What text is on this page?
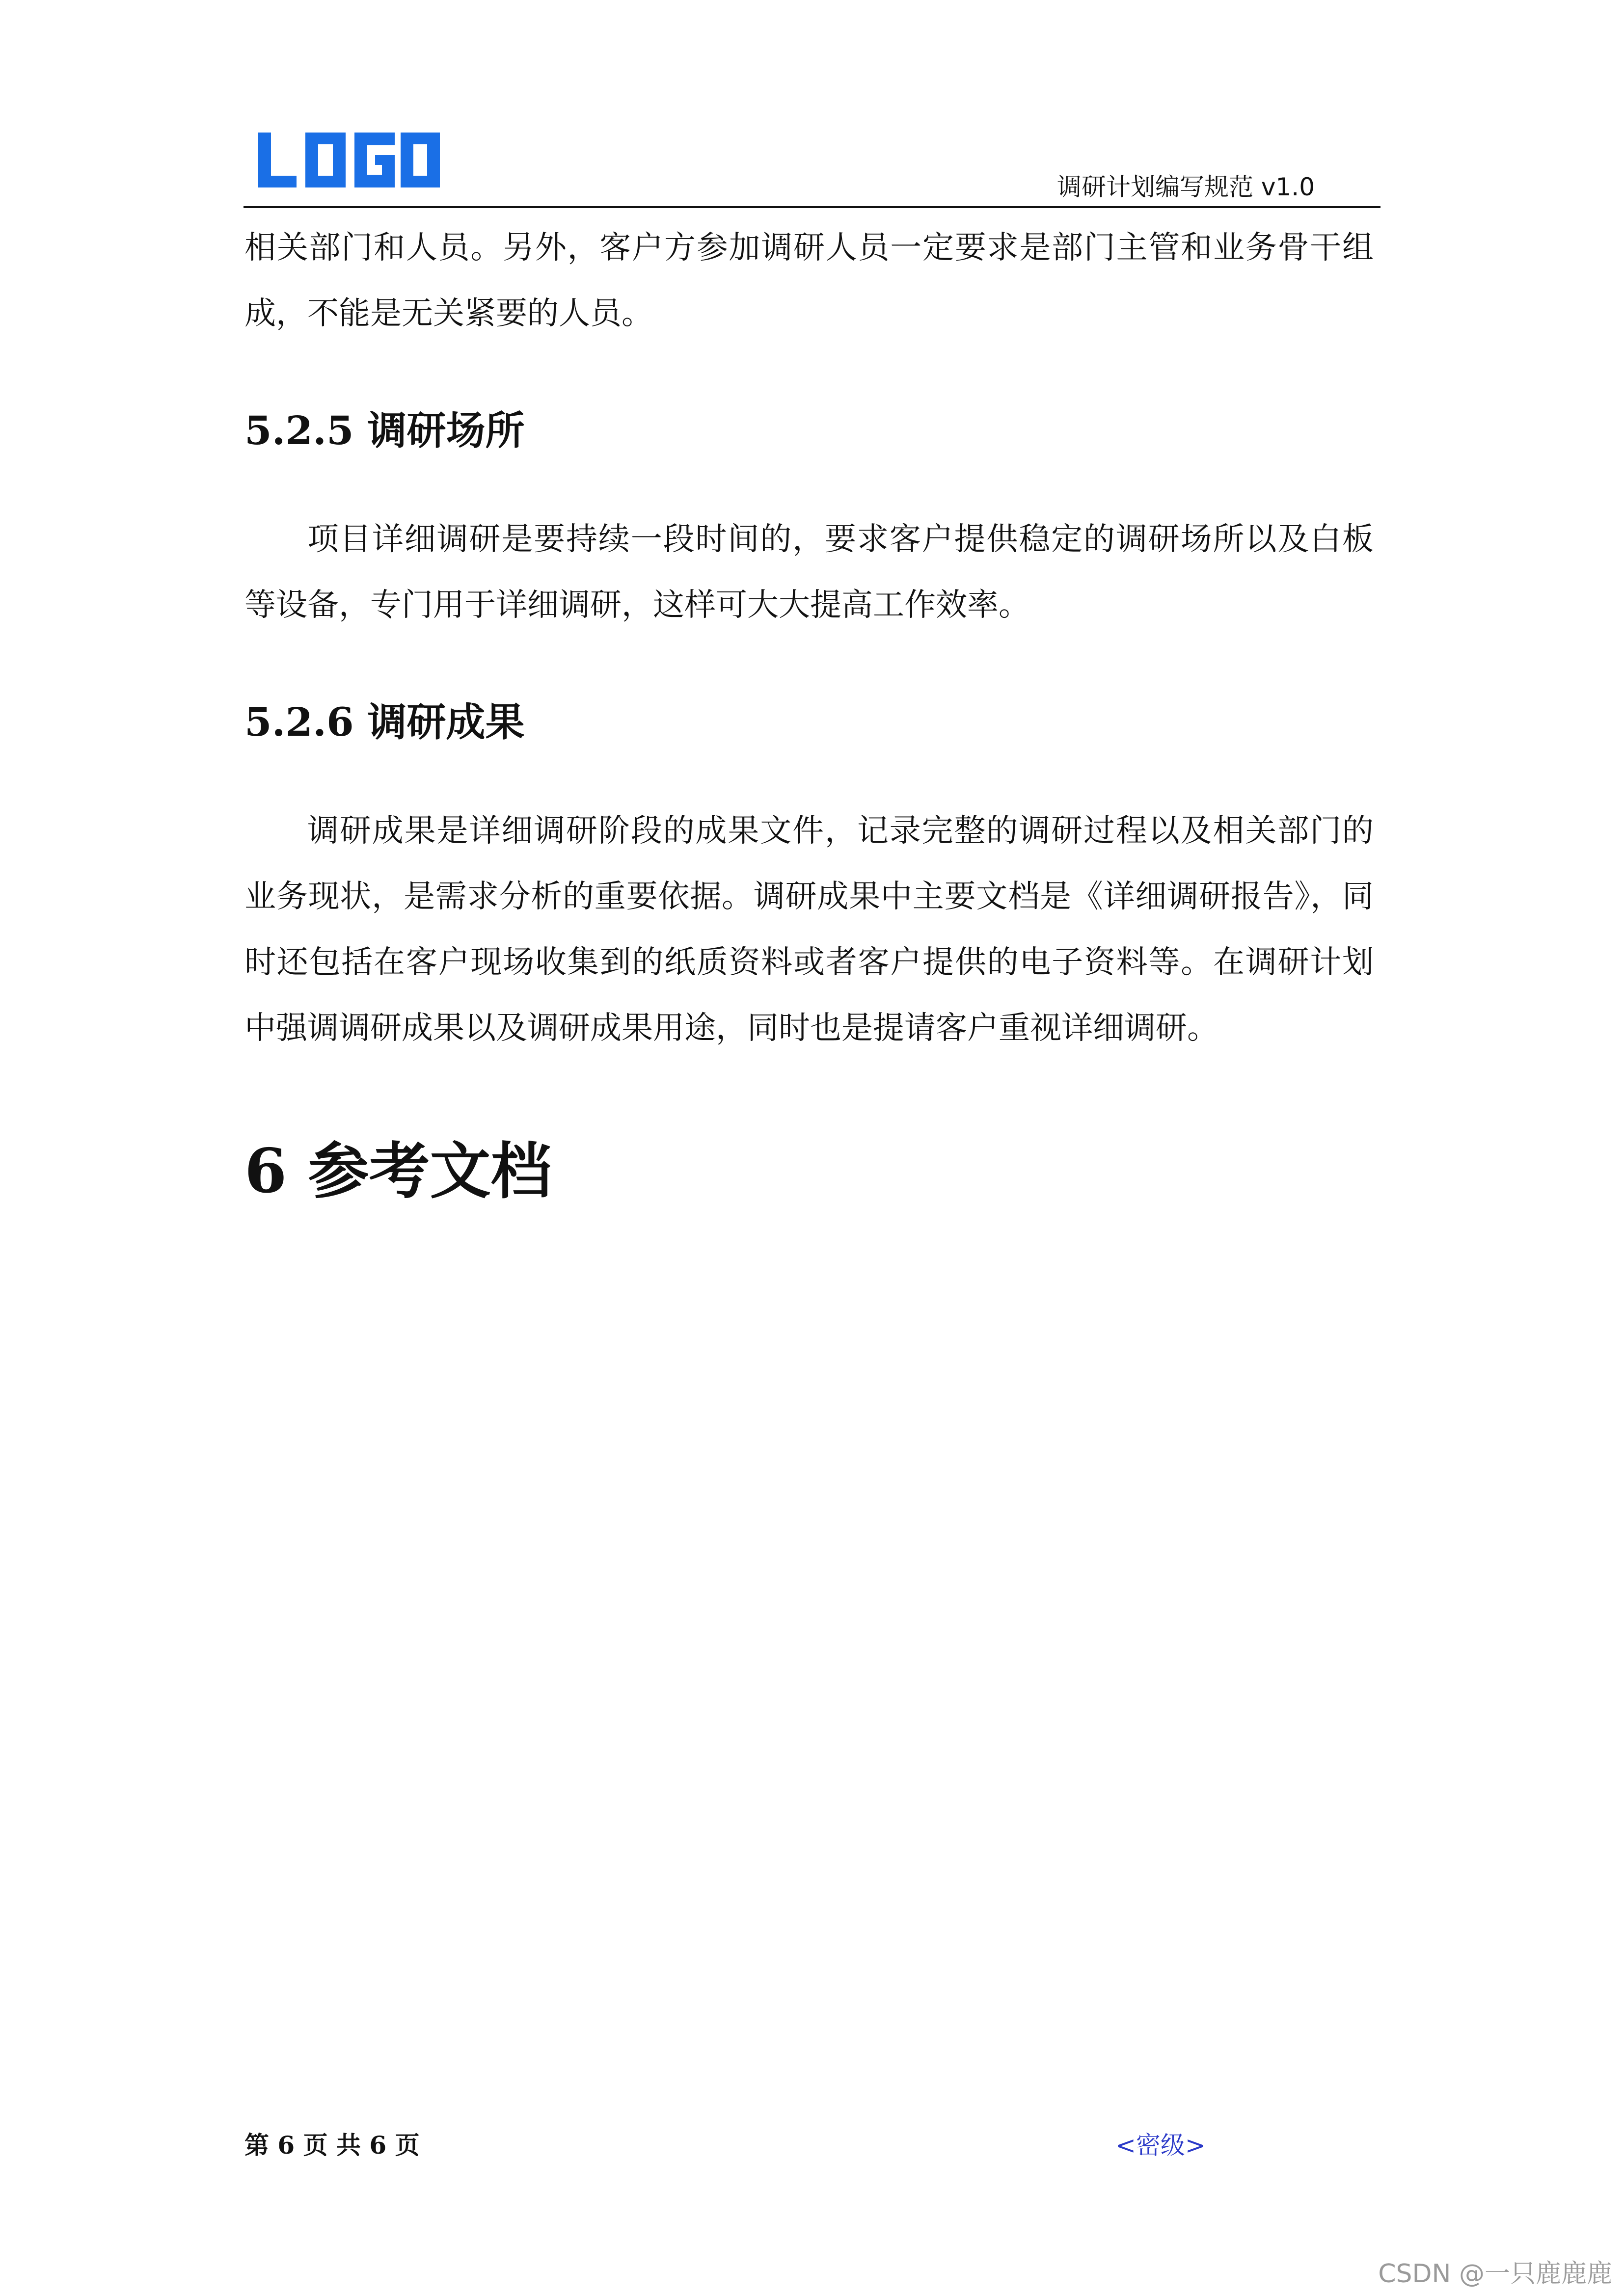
调研计划编写规范 v1.0

相关部门和人员。另外，客户方参加调研人员一定要求是部门主管和业务骨干组成，不能是无关紧要的人员。

5.2.5 调研场所

项目详细调研是要持续一段时间的，要求客户提供稳定的调研场所以及白板等设备，专门用于详细调研，这样可大大提高工作效率。

5.2.6 调研成果

调研成果是详细调研阶段的成果文件，记录完整的调研过程以及相关部门的业务现状，是需求分析的重要依据。调研成果中主要文档是《详细调研报告》，同时还包括在客户现场收集到的纸质资料或者客户提供的电子资料等。在调研计划中强调调研成果以及调研成果用途，同时也是提请客户重视详细调研。

6 参考文档
第 6 页 共 6 页	<密级>
CSDN @一只鹿鹿鹿
